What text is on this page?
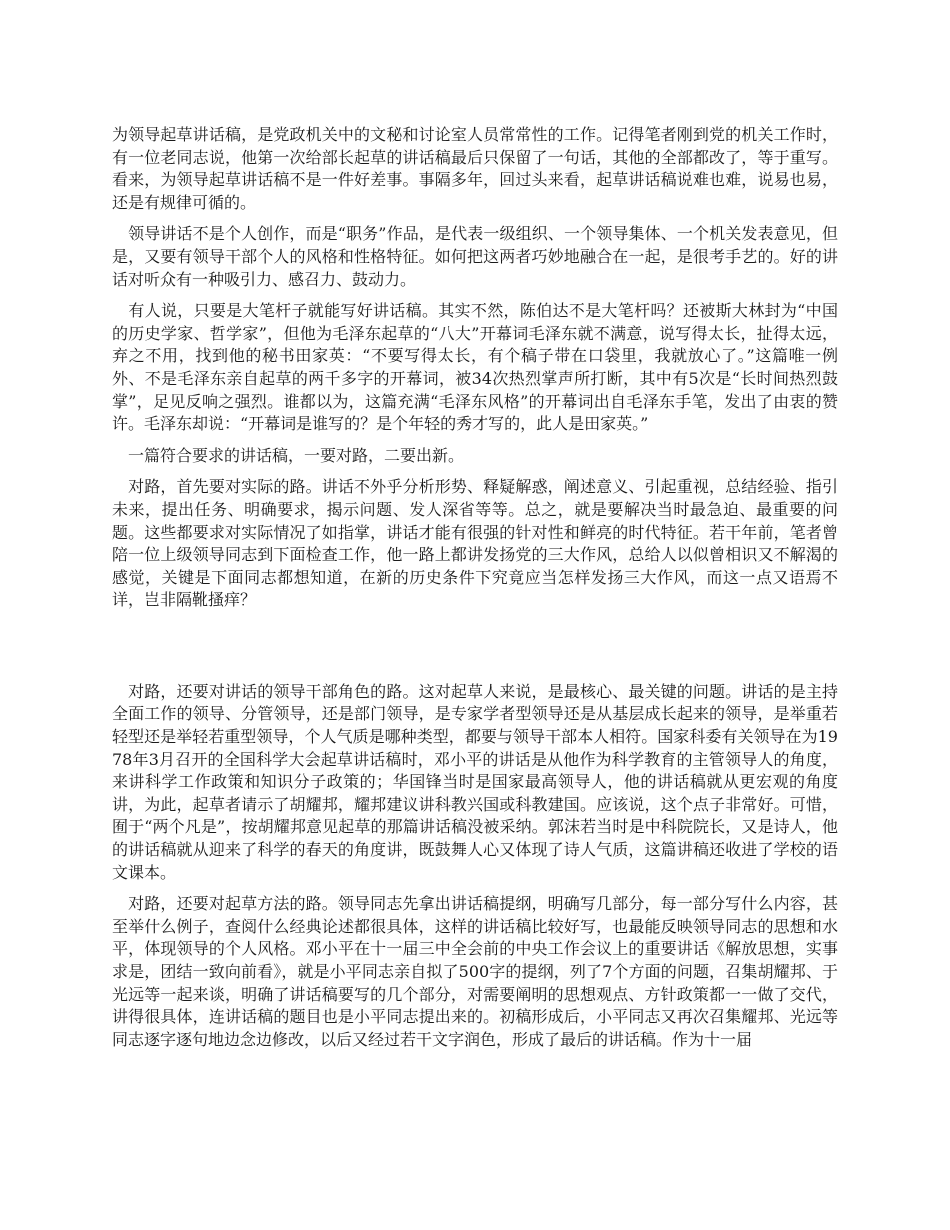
为领导起草讲话稿，是党政机关中的文秘和讨论室人员常常性的工作。记得笔者刚到党的机关工作时，有一位老同志说，他第一次给部长起草的讲话稿最后只保留了一句话，其他的全部都改了，等于重写。看来，为领导起草讲话稿不是一件好差事。事隔多年，回过头来看，起草讲话稿说难也难，说易也易，还是有规律可循的。

　领导讲话不是个人创作，而是“职务”作品，是代表一级组织、一个领导集体、一个机关发表意见，但是，又要有领导干部个人的风格和性格特征。如何把这两者巧妙地融合在一起，是很考手艺的。好的讲话对听众有一种吸引力、感召力、鼓动力。

　有人说，只要是大笔杆子就能写好讲话稿。其实不然，陈伯达不是大笔杆吗？还被斯大林封为“中国的历史学家、哲学家”，但他为毛泽东起草的“八大”开幕词毛泽东就不满意，说写得太长，扯得太远，弃之不用，找到他的秘书田家英：“不要写得太长，有个稿子带在口袋里，我就放心了。”这篇唯一例外、不是毛泽东亲自起草的两千多字的开幕词，被34次热烈掌声所打断，其中有5次是“长时间热烈鼓掌”，足见反响之强烈。谁都以为，这篇充满“毛泽东风格”的开幕词出自毛泽东手笔，发出了由衷的赞许。毛泽东却说：“开幕词是谁写的？是个年轻的秀才写的，此人是田家英。”

　一篇符合要求的讲话稿，一要对路，二要出新。

　对路，首先要对实际的路。讲话不外乎分析形势、释疑解惑，阐述意义、引起重视，总结经验、指引未来，提出任务、明确要求，揭示问题、发人深省等等。总之，就是要解决当时最急迫、最重要的问题。这些都要求对实际情况了如指掌，讲话才能有很强的针对性和鲜亮的时代特征。若干年前，笔者曾陪一位上级领导同志到下面检查工作，他一路上都讲发扬党的三大作风，总给人以似曾相识又不解渴的感觉，关键是下面同志都想知道，在新的历史条件下究竟应当怎样发扬三大作风，而这一点又语焉不详，岂非隔靴搔痒？

　对路，还要对讲话的领导干部角色的路。这对起草人来说，是最核心、最关键的问题。讲话的是主持全面工作的领导、分管领导，还是部门领导，是专家学者型领导还是从基层成长起来的领导，是举重若轻型还是举轻若重型领导，个人气质是哪种类型，都要与领导干部本人相符。国家科委有关领导在为1978年3月召开的全国科学大会起草讲话稿时，邓小平的讲话是从他作为科学教育的主管领导人的角度，来讲科学工作政策和知识分子政策的；华国锋当时是国家最高领导人，他的讲话稿就从更宏观的角度讲，为此，起草者请示了胡耀邦，耀邦建议讲科教兴国或科教建国。应该说，这个点子非常好。可惜，囿于“两个凡是”，按胡耀邦意见起草的那篇讲话稿没被采纳。郭沫若当时是中科院院长，又是诗人，他的讲话稿就从迎来了科学的春天的角度讲，既鼓舞人心又体现了诗人气质，这篇讲稿还收进了学校的语文课本。

　对路，还要对起草方法的路。领导同志先拿出讲话稿提纲，明确写几部分，每一部分写什么内容，甚至举什么例子，查阅什么经典论述都很具体，这样的讲话稿比较好写，也最能反映领导同志的思想和水平，体现领导的个人风格。邓小平在十一届三中全会前的中央工作会议上的重要讲话《解放思想，实事求是，团结一致向前看》，就是小平同志亲自拟了500字的提纲，列了7个方面的问题，召集胡耀邦、于光远等一起来谈，明确了讲话稿要写的几个部分，对需要阐明的思想观点、方针政策都一一做了交代，讲得很具体，连讲话稿的题目也是小平同志提出来的。初稿形成后，小平同志又再次召集耀邦、光远等同志逐字逐句地边念边修改，以后又经过若干文字润色，形成了最后的讲话稿。作为十一届
